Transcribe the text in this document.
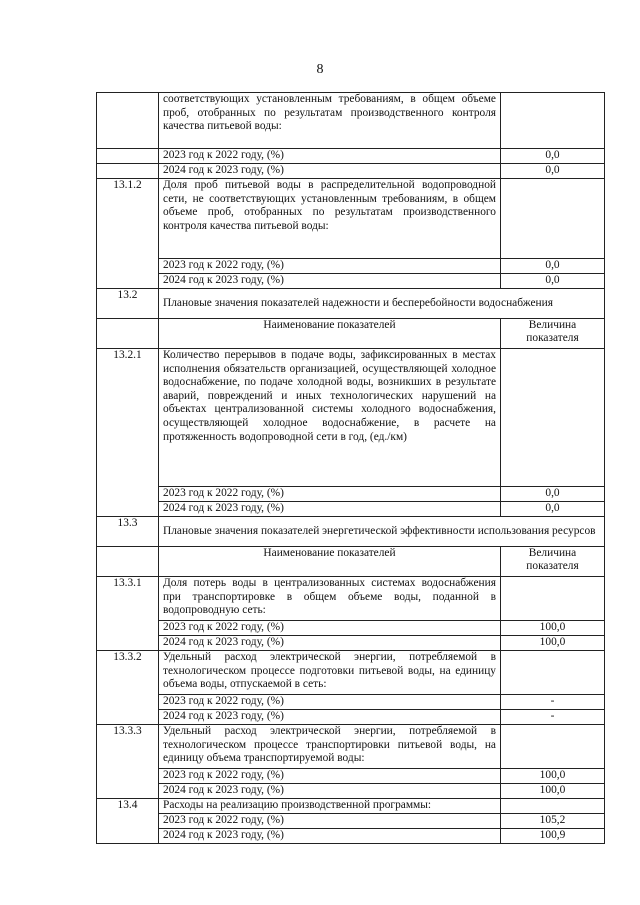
8
	соответствующих установленным требованиям, в общем объеме проб, отобранных по результатам производственного контроля качества питьевой воды:	
	2023 год к 2022 году, (%)	0,0
	2024 год к 2023 году, (%)	0,0
13.1.2	Доля проб питьевой воды в распределительной водопроводной сети, не соответствующих установленным требованиям, в общем объеме проб, отобранных по результатам производственного контроля качества питьевой воды:	
	2023 год к 2022 году, (%)	0,0
	2024 год к 2023 году, (%)	0,0
13.2	Плановые значения показателей надежности и бесперебойности водоснабжения	
	Наименование показателей	Величина показателя
13.2.1	Количество перерывов в подаче воды, зафиксированных в местах исполнения обязательств организацией, осуществляющей холодное водоснабжение, по подаче холодной воды, возникших в результате аварий, повреждений и иных технологических нарушений на объектах централизованной системы холодного водоснабжения, осуществляющей холодное водоснабжение, в расчете на протяженность водопроводной сети в год, (ед./км)	
	2023 год к 2022 году, (%)	0,0
	2024 год к 2023 году, (%)	0,0
13.3	Плановые значения показателей энергетической эффективности использования ресурсов	
	Наименование показателей	Величина показателя
13.3.1	Доля потерь воды в централизованных системах водоснабжения при транспортировке в общем объеме воды, поданной в водопроводную сеть:	
	2023 год к 2022 году, (%)	100,0
	2024 год к 2023 году, (%)	100,0
13.3.2	Удельный расход электрической энергии, потребляемой в технологическом процессе подготовки питьевой воды, на единицу объема воды, отпускаемой в сеть:	
	2023 год к 2022 году, (%)	-
	2024 год к 2023 году, (%)	-
13.3.3	Удельный расход электрической энергии, потребляемой в технологическом процессе транспортировки питьевой воды, на единицу объема транспортируемой воды:	
	2023 год к 2022 году, (%)	100,0
	2024 год к 2023 году, (%)	100,0
13.4	Расходы на реализацию производственной программы:	
	2023 год к 2022 году, (%)	105,2
	2024 год к 2023 году, (%)	100,9
